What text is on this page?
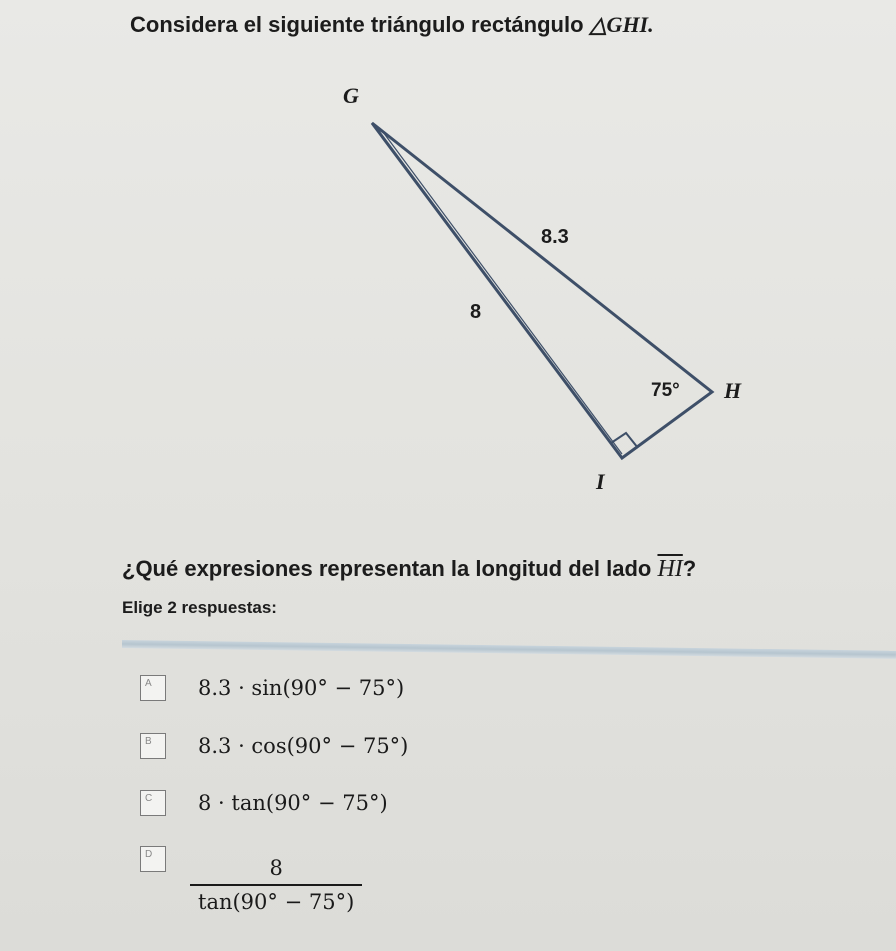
Considera el siguiente triángulo rectángulo △GHI.
G
H
I
8.3
8
75°
¿Qué expresiones representan la longitud del lado $\overline{HI}$?
Elige 2 respuestas:
A 8.3 · sin(90° − 75°)
B 8.3 · cos(90° − 75°)
C 8 · tan(90° − 75°)
D
$\frac{8}{\tan(90^\circ - 75^\circ)}$
